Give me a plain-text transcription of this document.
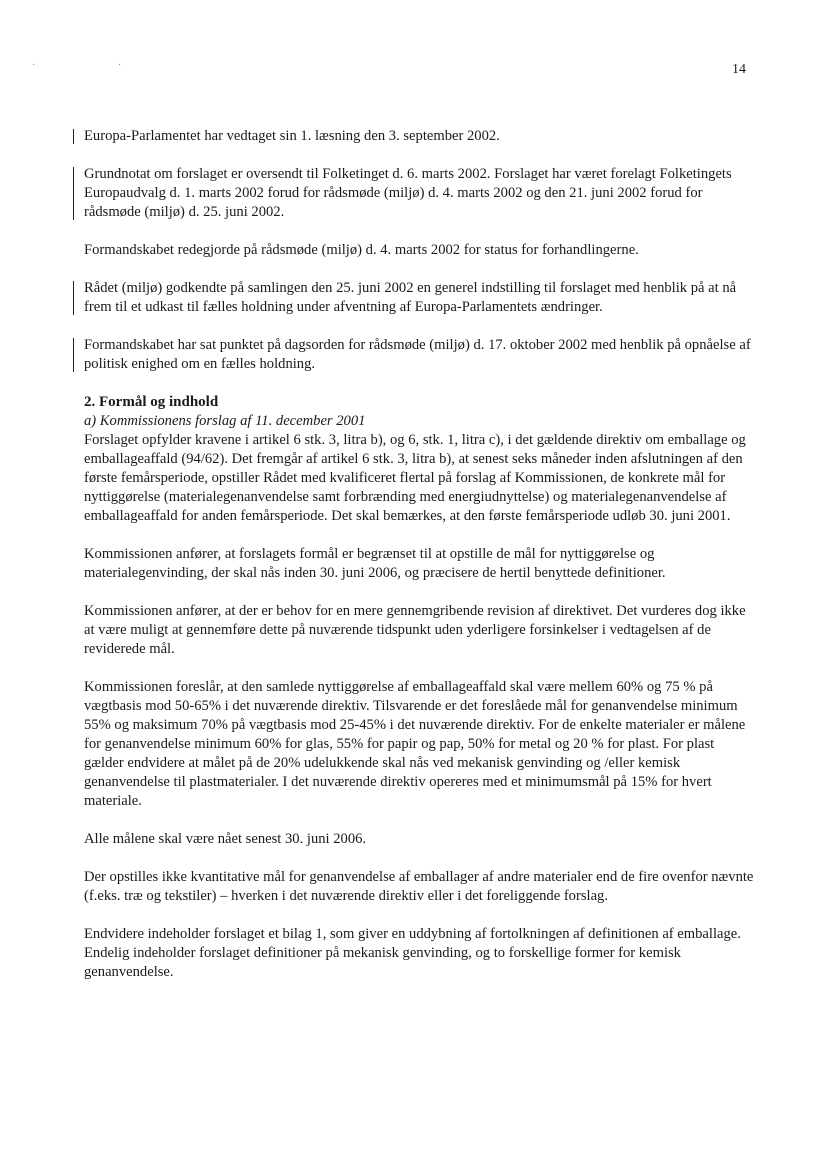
· ·	14

Europa-Parlamentet har vedtaget sin 1. læsning den 3. september 2002.

Grundnotat om forslaget er oversendt til Folketinget d. 6. marts 2002. Forslaget har været forelagt Folketingets Europaudvalg d. 1. marts 2002 forud for rådsmøde (miljø) d. 4. marts 2002 og den 21. juni 2002 forud for rådsmøde (miljø) d. 25. juni 2002.

Formandskabet redegjorde på rådsmøde (miljø) d. 4. marts 2002 for status for forhandlingerne.

Rådet (miljø) godkendte på samlingen den 25. juni 2002 en generel indstilling til forslaget med henblik på at nå frem til et udkast til fælles holdning under afventning af Europa-Parlamentets ændringer.

Formandskabet har sat punktet på dagsorden for rådsmøde (miljø) d. 17. oktober 2002 med henblik på opnåelse af politisk enighed om en fælles holdning.

2. Formål og indhold

a) Kommissionens forslag af 11. december 2001

Forslaget opfylder kravene i artikel 6 stk. 3, litra b), og 6, stk. 1, litra c), i det gældende direktiv om emballage og emballageaffald (94/62). Det fremgår af artikel 6 stk. 3, litra b), at senest seks måneder inden afslutningen af den første femårsperiode, opstiller Rådet med kvalificeret flertal på forslag af Kommissionen, de konkrete mål for nyttiggørelse (materialegenanvendelse samt forbrænding med energiudnyttelse) og materialegenanvendelse af emballageaffald for anden femårsperiode. Det skal bemærkes, at den første femårsperiode udløb 30. juni 2001.

Kommissionen anfører, at forslagets formål er begrænset til at opstille de mål for nyttiggørelse og materialegenvinding, der skal nås inden 30. juni 2006, og præcisere de hertil benyttede definitioner.

Kommissionen anfører, at der er behov for en mere gennemgribende revision af direktivet. Det vurderes dog ikke at være muligt at gennemføre dette på nuværende tidspunkt uden yderligere forsinkelser i vedtagelsen af de reviderede mål.

Kommissionen foreslår, at den samlede nyttiggørelse af emballageaffald skal være mellem 60% og 75 % på vægtbasis mod 50-65% i det nuværende direktiv. Tilsvarende er det foreslåede mål for genanvendelse minimum 55% og maksimum 70% på vægtbasis mod 25-45% i det nuværende direktiv. For de enkelte materialer er målene for genanvendelse minimum 60% for glas, 55% for papir og pap, 50% for metal og 20 % for plast. For plast gælder endvidere at målet på de 20% udelukkende skal nås ved mekanisk genvinding og /eller kemisk genanvendelse til plastmaterialer. I det nuværende direktiv opereres med et minimumsmål på 15% for hvert materiale.

Alle målene skal være nået senest 30. juni 2006.

Der opstilles ikke kvantitative mål for genanvendelse af emballager af andre materialer end de fire ovenfor nævnte (f.eks. træ og tekstiler) – hverken i det nuværende direktiv eller i det foreliggende forslag.

Endvidere indeholder forslaget et bilag 1, som giver en uddybning af fortolkningen af definitionen af emballage. Endelig indeholder forslaget definitioner på mekanisk genvinding, og to forskellige former for kemisk genanvendelse.
